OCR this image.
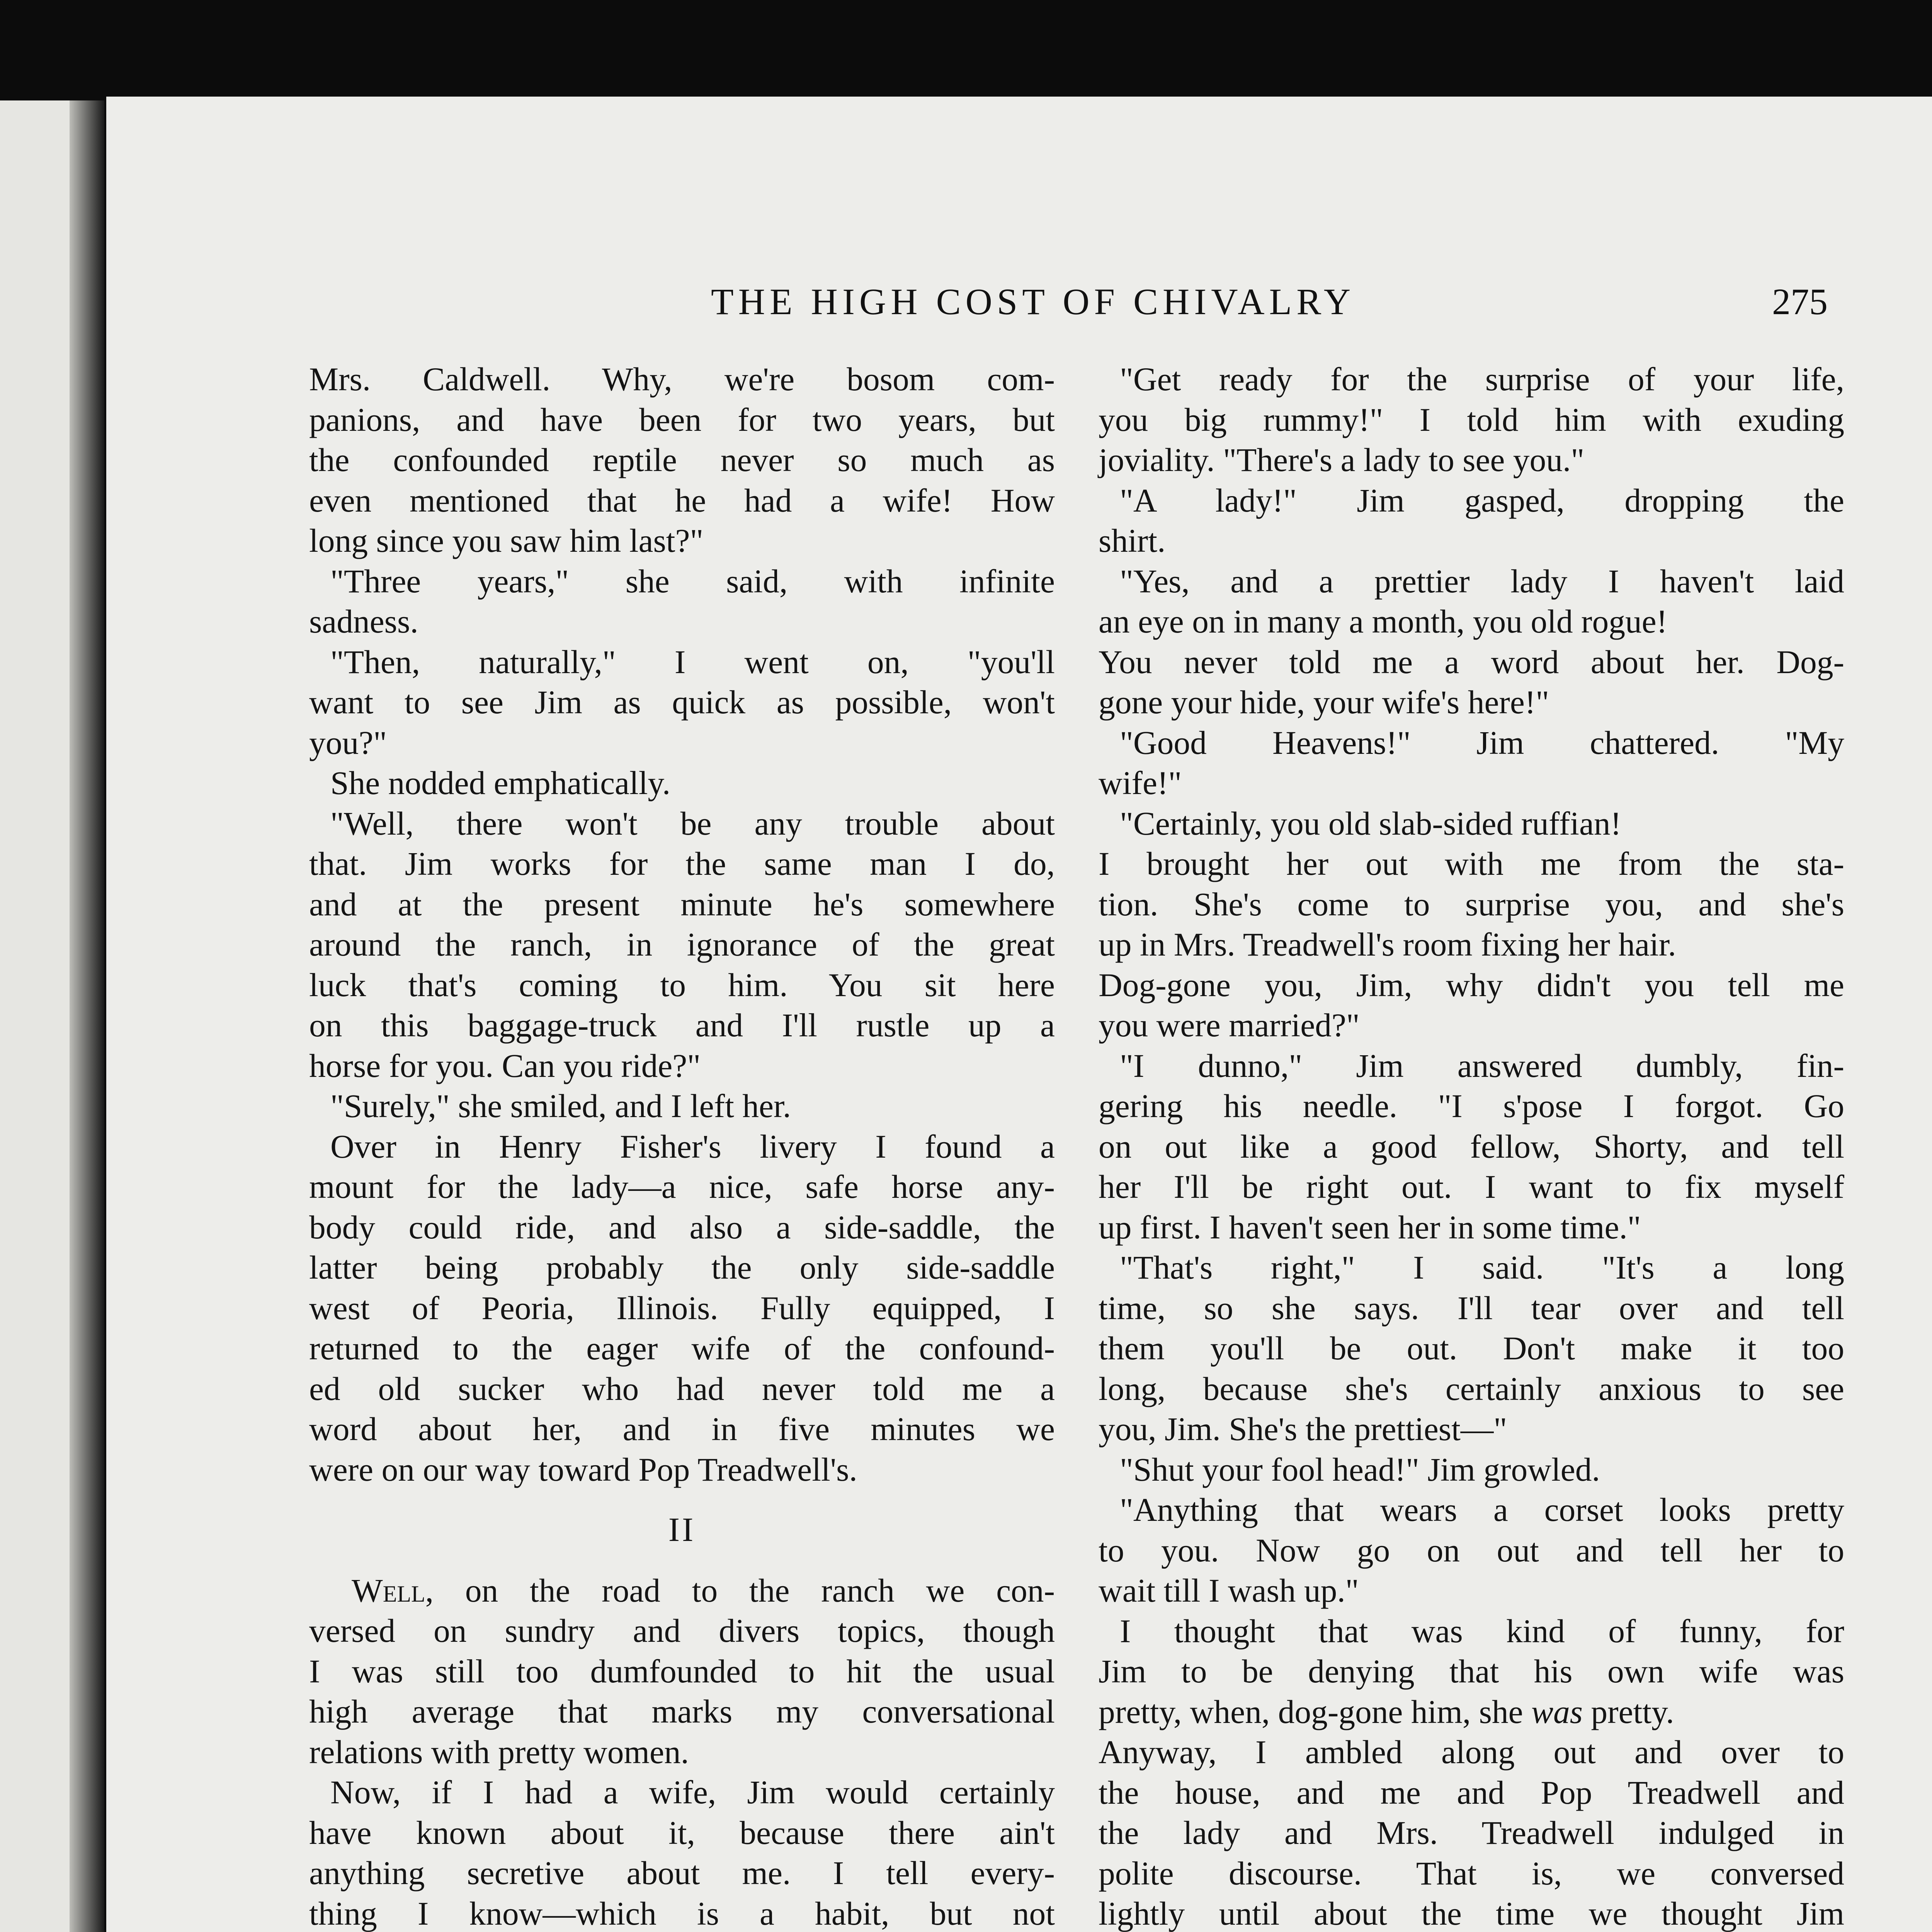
THE HIGH COST OF CHIVALRY	275
Mrs. Caldwell. Why, we're bosom com-
panions, and have been for two years, but
the confounded reptile never so much as
even mentioned that he had a wife! How
long since you saw him last?"
"Three years," she said, with infinite
sadness.
"Then, naturally," I went on, "you'll
want to see Jim as quick as possible, won't
you?"
She nodded emphatically.
"Well, there won't be any trouble about
that. Jim works for the same man I do,
and at the present minute he's somewhere
around the ranch, in ignorance of the great
luck that's coming to him. You sit here
on this baggage-truck and I'll rustle up a
horse for you. Can you ride?"
"Surely," she smiled, and I left her.
Over in Henry Fisher's livery I found a
mount for the lady—a nice, safe horse any-
body could ride, and also a side-saddle, the
latter being probably the only side-saddle
west of Peoria, Illinois. Fully equipped, I
returned to the eager wife of the confound-
ed old sucker who had never told me a
word about her, and in five minutes we
were on our way toward Pop Treadwell's.
II
Well, on the road to the ranch we con-
versed on sundry and divers topics, though
I was still too dumfounded to hit the usual
high average that marks my conversational
relations with pretty women.
Now, if I had a wife, Jim would certainly
have known about it, because there ain't
anything secretive about me. I tell every-
thing I know—which is a habit, but not
"Get ready for the surprise of your life,
you big rummy!" I told him with exuding
joviality. "There's a lady to see you."
"A lady!" Jim gasped, dropping the
shirt.
"Yes, and a prettier lady I haven't laid
an eye on in many a month, you old rogue!
You never told me a word about her. Dog-
gone your hide, your wife's here!"
"Good Heavens!" Jim chattered. "My
wife!"
"Certainly, you old slab-sided ruffian!
I brought her out with me from the sta-
tion. She's come to surprise you, and she's
up in Mrs. Treadwell's room fixing her hair.
Dog-gone you, Jim, why didn't you tell me
you were married?"
"I dunno," Jim answered dumbly, fin-
gering his needle. "I s'pose I forgot. Go
on out like a good fellow, Shorty, and tell
her I'll be right out. I want to fix myself
up first. I haven't seen her in some time."
"That's right," I said. "It's a long
time, so she says. I'll tear over and tell
them you'll be out. Don't make it too
long, because she's certainly anxious to see
you, Jim. She's the prettiest—"
"Shut your fool head!" Jim growled.
"Anything that wears a corset looks pretty
to you. Now go on out and tell her to
wait till I wash up."
I thought that was kind of funny, for
Jim to be denying that his own wife was
pretty, when, dog-gone him, she was pretty.
Anyway, I ambled along out and over to
the house, and me and Pop Treadwell and
the lady and Mrs. Treadwell indulged in
polite discourse. That is, we conversed
lightly until about the time we thought Jim
